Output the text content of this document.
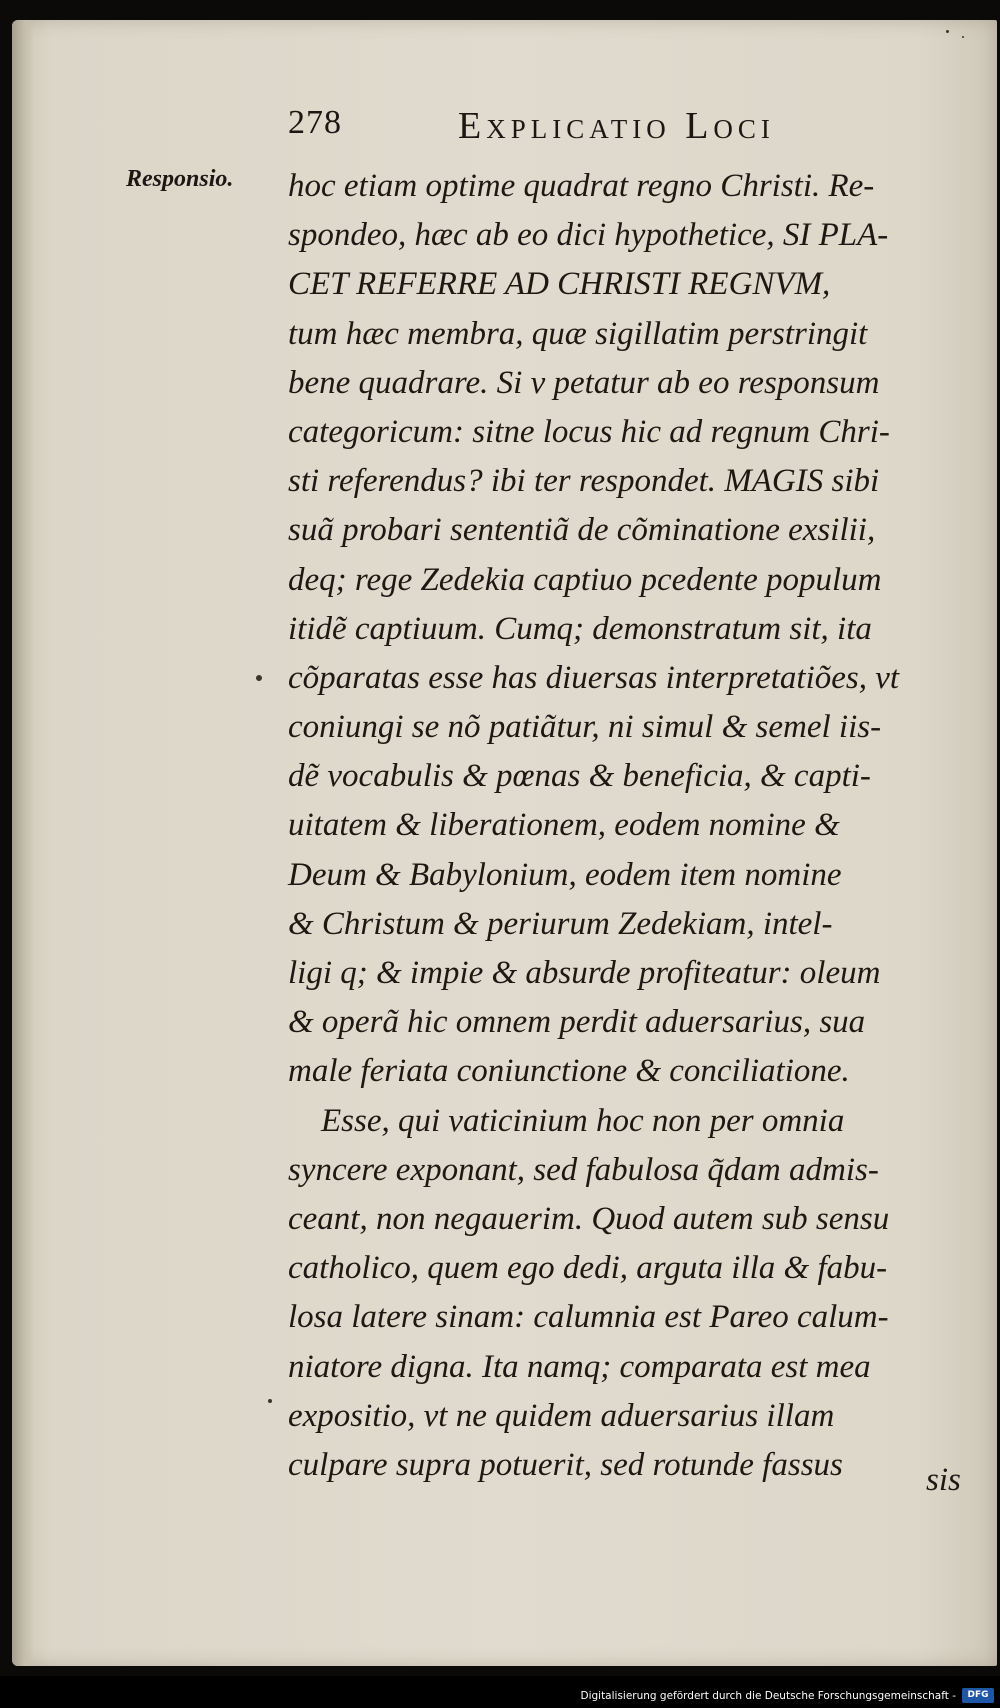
278	Explicatio Loci
Responsio. hoc etiam optime quadrat regno Christi. Re-
spondeo, hæc ab eo dici hypothetice, SI PLA-
CET REFERRE AD CHRISTI REGNVM,
tum hæc membra, quæ sigillatim perstringit
bene quadrare. Si v petatur ab eo responsum
categoricum: sitne locus hic ad regnum Chri-
sti referendus? ibi ter respondet. MAGIS sibi
suã probari sententiã de cõminatione exsilii,
deq; rege Zedekia captiuo pcedente populum
itidẽ captiuum. Cumq; demonstratum sit, ita
cõparatas esse has diuersas interpretatiões, vt
coniungi se nõ patiãtur, ni simul & semel iis-
dẽ vocabulis & pœnas & beneficia, & capti-
uitatem & liberationem, eodem nomine &
Deum & Babylonium, eodem item nomine
& Christum & periurum Zedekiam, intel-
ligi q; & impie & absurde profiteatur: oleum
& operã hic omnem perdit aduersarius, sua
male feriata coniunctione & conciliatione.
Esse, qui vaticinium hoc non per omnia
syncere exponant, sed fabulosa q̃dam admis-
ceant, non negauerim. Quod autem sub sensu
catholico, quem ego dedi, arguta illa & fabu-
losa latere sinam: calumnia est Pareo calum-
niatore digna. Ita namq; comparata est mea
expositio, vt ne quidem aduersarius illam
culpare supra potuerit, sed rotunde fassus	sis
Digitalisierung gefördert durch die Deutsche Forschungsgemeinschaft -	DFG
